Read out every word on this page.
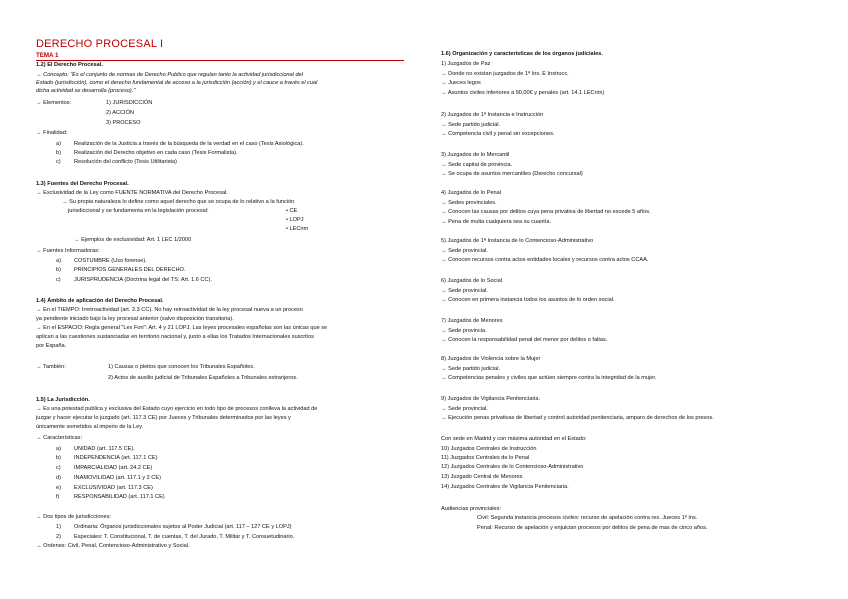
DERECHO PROCESAL I
TEMA 1
1.2) El Derecho Procesal.
→ Concepto: "Es el conjunto de normas de Derecho Publico que regulan tanto la actividad jurisdiccional del
Estado (jurisdicción), como el derecho fundamental de acceso a la jurisdicción (acción) y el cauce a través el cual
dicha actividad se desarrolla (proceso)."
→ Elementos:	1) JURISDICCIÓN
2) ACCIÓN
3) PROCESO
→ Finalidad:
a) Realización de la Justicia a través de la búsqueda de la verdad en el caso (Tesis Axiológica).
b) Realización del Derecho objetivo en cada caso (Tesis Formalista).
c) Resolución del conflicto (Tesis Utilitarista)
1.3) Fuentes del Derecho Procesal.
→ Exclusividad de la Ley como FUENTE NORMATIVA del Derecho Procesal.
→ Su propia naturaleza lo define como aquel derecho que se ocupa de lo relativo a la función
jurisdiccional y se fundamenta en la legislación procesal:	• CE
• LOPJ
• LECrim
→ Ejemplos de exclusividad: Art. 1 LEC 1/2000
→ Fuentes Informadoras:
a) COSTUMBRE (Uso forense).
b) PRINCIPIOS GENERALES DEL DERECHO.
c) JURISPRUDENCIA (Doctrina legal del TS: Art. 1.6 CC).
1.4) Ámbito de aplicación del Derecho Procesal.
→ En el TIEMPO: Irretroactividad (art. 2.3 CC). No hay retroactividad de la ley procesal nueva a un proceso
ya pendiente iniciado bajo la ley procesal anterior (salvo disposición transitoria).
→ En el ESPACIO: Regla general "Lex Fori": Art. 4 y 21 LOPJ. Las leyes procesales españolas son las únicas que se
aplican a las cuestiones sustanciadas en territorio nacional y, junto a ellas los Tratados Internacionales suscritos
por España.
→ También:	1) Causas o pleitos que conocen los Tribunales Españoles.
2) Actos de auxilio judicial de Tribunales Españoles a Tribunales extranjeros.
1.5) La Jurisdicción.
→ Es una potestad publica y exclusiva del Estado cuyo ejercicio en todo tipo de procesos conlleva la actividad de
juzgar y hacer ejecutar lo juzgado (art. 117.3 CE) por Jueces y Tribunales determinados por las leyes y
únicamente sometidos al imperio de la Ley.
→ Características:
a) UNIDAD (art. 117.5 CE).
b) INDEPENDENCIA (art. 117.1 CE)
c) IMPARCIALIDAD (art. 24.2 CE)
d) INAMOVILIDAD (art. 117.1 y 2 CE)
e) EXCLUSIVIDAD (art. 117.3 CE)
f)	RESPONSABILIDAD (art. 117.1 CE)
→ Dos tipos de jurisdicciones:
1) Ordinaria: Órganos jurisdiccionales sujetos al Poder Judicial (art. 117 – 127 CE y LOPJ)
2) Especiales: T. Constitucional, T. de cuentas, T. del Jurado, T. Militar y T. Consuetudinario.
→ Ordenes: Civil, Penal, Contencioso-Administrativo y Social.
1.6) Organización y características de los órganos judiciales.
1) Juzgados de Paz
→ Donde no existan juzgados de 1ª Ins. E Instrucc.
→ Jueces legos
→ Asuntos civiles inferiores a 90,00€ y penales (art. 14.1 LECrim)
2) Juzgados de 1ª Instancia e Instrucción
→ Sede partido judicial.
→ Competencia civil y penal sin excepciones.
3) Juzgados de lo Mercantil
→ Sede capital de provincia.
→ Se ocupa de asuntos mercantiles (Derecho concursal)
4) Juzgados de lo Penal
→ Sedes provinciales.
→ Conocen las causas por delitos cuya pena privativa de libertad no excede 5 años.
→ Pena de multa cualquiera sea su cuantía.
5) Juzgados de 1ª Instancia de lo Contencioso-Administrativo
→ Sede provincial.
→ Conocen recursos contra actos entidades locales y recursos contra actos CCAA.
6) Juzgados de lo Social
→ Sede provincial.
→ Conocen en primera instancia todos los asuntos de lo orden social.
7) Juzgados de Menores
→ Sede provincia.
→ Conocen la responsabilidad penal del menor por delitos o faltas.
8) Juzgados de Violencia sobre la Mujer
→ Sede partido judicial.
→ Competencias penales y civiles que actúen siempre contra la integridad de la mujer.
9) Juzgados de Vigilancia Penitenciaria.
→ Sede provincial.
→ Ejecución penas privativas de libertad y control autoridad penitenciaria, amparo de derechos de los presos.
Con sede en Madrid y con máxima autoridad en el Estado:
10) Juzgados Centrales de Instrucción
11) Juzgados Centrales de lo Penal
12) Juzgados Centrales de lo Contencioso-Administrativo
13) Juzgado Central de Menores
14) Juzgados Centrales de Vigilancia Penitenciaria.
Audiencias provinciales:
Civil: Segunda instancia procesos civiles: recurso de apelación contra res. Jueces 1ª Ins.
Penal: Recurso de apelación y enjuician procesos por delitos de pena de mas de cinco años.
